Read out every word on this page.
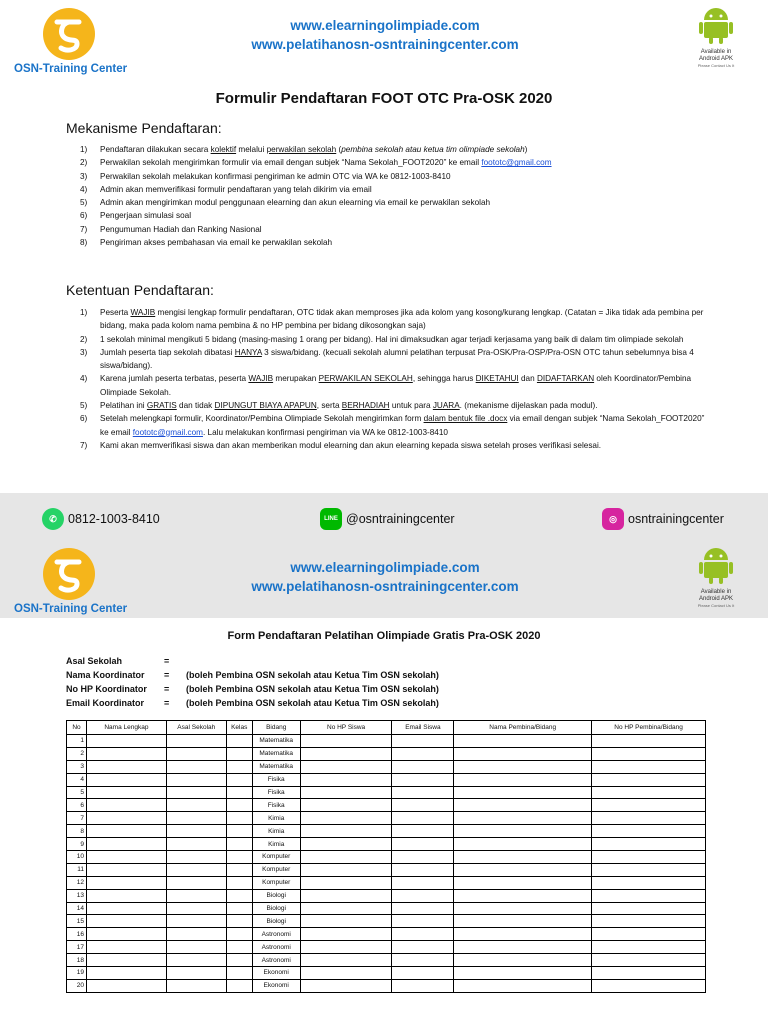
OSN-Training Center
www.elearningolimpiade.com
www.pelatihanosn-osntrainingcenter.com	Available in
Android APK
Please Contact Us It
Formulir Pendaftaran FOOT OTC Pra-OSK 2020
Mekanisme Pendaftaran:
1)	Pendaftaran dilakukan secara kolektif melalui perwakilan sekolah (pembina sekolah atau ketua tim olimpiade sekolah)
2)	Perwakilan sekolah mengirimkan formulir via email dengan subjek “Nama Sekolah_FOOT2020” ke email foototc@gmail.com
3)	Perwakilan sekolah melakukan konfirmasi pengiriman ke admin OTC via WA ke 0812-1003-8410
4)	Admin akan memverifikasi formulir pendaftaran yang telah dikirim via email
5)	Admin akan mengirimkan modul penggunaan elearning dan akun elearning via email ke perwakilan sekolah
6)	Pengerjaan simulasi soal
7)	Pengumuman Hadiah dan Ranking Nasional
8)	Pengiriman akses pembahasan via email ke perwakilan sekolah
Ketentuan Pendaftaran:
1)	Peserta WAJIB mengisi lengkap formulir pendaftaran, OTC tidak akan memproses jika ada kolom yang kosong/kurang lengkap. (Catatan = Jika tidak ada pembina per bidang, maka pada kolom nama pembina & no HP pembina per bidang dikosongkan saja)
2)	1 sekolah minimal mengikuti 5 bidang (masing-masing 1 orang per bidang). Hal ini dimaksudkan agar terjadi kerjasama yang baik di dalam tim olimpiade sekolah
3)	Jumlah peserta tiap sekolah dibatasi HANYA 3 siswa/bidang. (kecuali sekolah alumni pelatihan terpusat Pra-OSK/Pra-OSP/Pra-OSN OTC tahun sebelumnya bisa 4 siswa/bidang).
4)	Karena jumlah peserta terbatas, peserta WAJIB merupakan PERWAKILAN SEKOLAH, sehingga harus DIKETAHUI dan DIDAFTARKAN oleh Koordinator/Pembina Olimpiade Sekolah.
5)	Pelatihan ini GRATIS dan tidak DIPUNGUT BIAYA APAPUN, serta BERHADIAH untuk para JUARA. (mekanisme dijelaskan pada modul).
6)	Setelah melengkapi formulir, Koordinator/Pembina Olimpiade Sekolah mengirimkan form dalam bentuk file .docx via email dengan subjek “Nama Sekolah_FOOT2020” ke email foototc@gmail.com. Lalu melakukan konfirmasi pengiriman via WA ke 0812-1003-8410
7)	Kami akan memverifikasi siswa dan akan memberikan modul elearning dan akun elearning kepada siswa setelah proses verifikasi selesai.
✆ 0812-1003-8410	LINE @osntrainingcenter	◎ osntrainingcenter
OSN-Training Center
www.elearningolimpiade.com
www.pelatihanosn-osntrainingcenter.com	Available in
Android APK
Please Contact Us It
Form Pendaftaran Pelatihan Olimpiade Gratis Pra-OSK 2020
Asal Sekolah	=
Nama Koordinator	=	(boleh Pembina OSN sekolah atau Ketua Tim OSN sekolah)
No HP Koordinator	=	(boleh Pembina OSN sekolah atau Ketua Tim OSN sekolah)
Email Koordinator	=	(boleh Pembina OSN sekolah atau Ketua Tim OSN sekolah)
No	Nama Lengkap	Asal Sekolah	Kelas	Bidang	No HP Siswa	Email Siswa	Nama Pembina/Bidang	No HP Pembina/Bidang
1				Matematika				
2				Matematika				
3				Matematika				
4				Fisika				
5				Fisika				
6				Fisika				
7				Kimia				
8				Kimia				
9				Kimia				
10				Komputer				
11				Komputer				
12				Komputer				
13				Biologi				
14				Biologi				
15				Biologi				
16				Astronomi				
17				Astronomi				
18				Astronomi				
19				Ekonomi				
20				Ekonomi				
